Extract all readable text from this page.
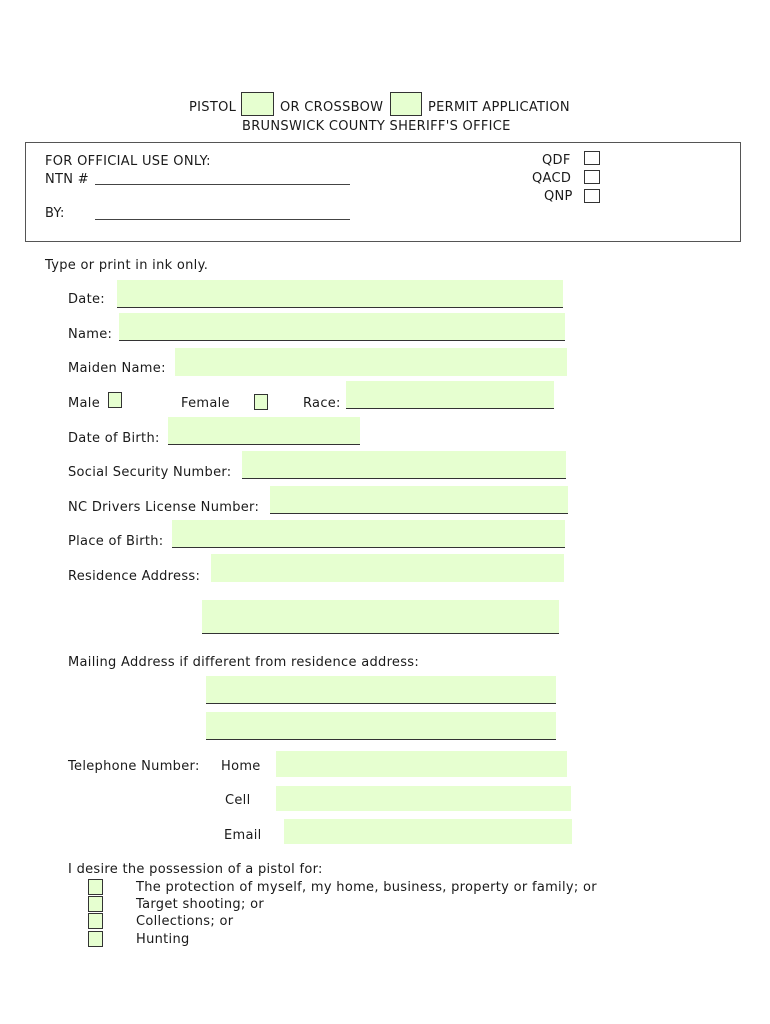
PISTOL	OR CROSSBOW	PERMIT APPLICATION
BRUNSWICK COUNTY SHERIFF'S OFFICE
FOR OFFICIAL USE ONLY:
NTN #
BY:
QDF
QACD
QNP
Type or print in ink only.
Date:
Name:
Maiden Name:
Male	Female	Race:
Date of Birth:
Social Security Number:
NC Drivers License Number:
Place of Birth:
Residence Address:
Mailing Address if different from residence address:
Telephone Number: Home
Cell
Email
I desire the possession of a pistol for:
The protection of myself, my home, business, property or family; or
Target shooting; or
Collections; or
Hunting
